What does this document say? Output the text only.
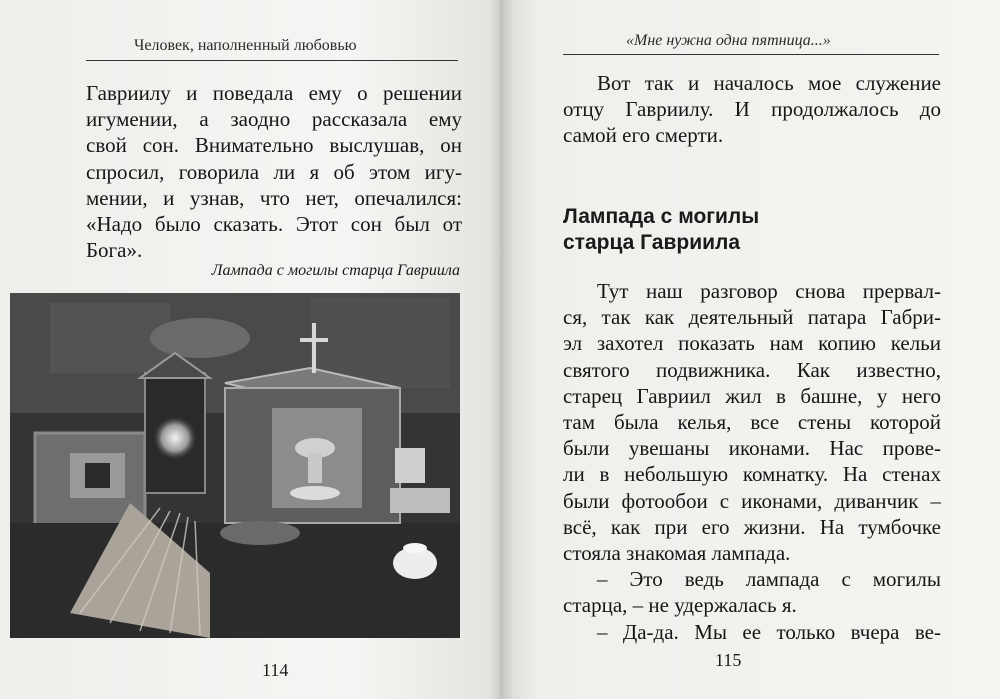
Человек, наполненный любовью
Гавриилу и поведала ему о решении
игумении, а заодно рассказала ему
свой сон. Внимательно выслушав, он
спросил, говорила ли я об этом игу-
мении, и узнав, что нет, опечалился:
«Надо было сказать. Этот сон был от
Бога».
Лампада с могилы старца Гавриила
114
«Мне нужна одна пятница...»
Вот так и началось мое служение
отцу Гавриилу. И продолжалось до
самой его смерти.
Лампада с могилы
старца Гавриила
Тут наш разговор снова прервал-
ся, так как деятельный патара Габри-
эл захотел показать нам копию кельи
святого подвижника. Как известно,
старец Гавриил жил в башне, у него
там была келья, все стены которой
были увешаны иконами. Нас прове-
ли в небольшую комнатку. На стенах
были фотообои с иконами, диванчик –
всё, как при его жизни. На тумбочке
стояла знакомая лампада.
– Это ведь лампада с могилы
старца, – не удержалась я.
– Да-да. Мы ее только вчера ве-
115
